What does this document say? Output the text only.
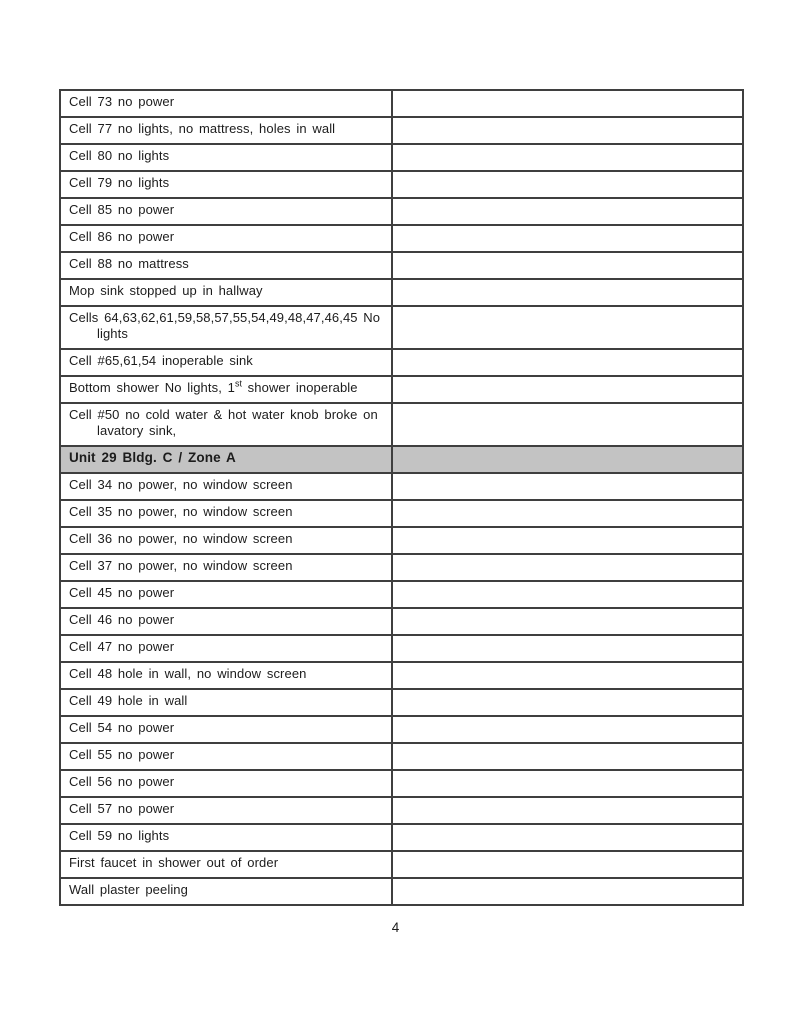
Cell 73 no power	

Cell 77 no lights, no mattress, holes in wall	

Cell 80 no lights	

Cell 79 no lights	

Cell 85 no power	

Cell 86 no power	

Cell 88 no mattress	

Mop sink stopped up in hallway	

Cells 64,63,62,61,59,58,57,55,54,49,48,47,46,45 No
lights	

Cell #65,61,54 inoperable sink	

Bottom shower No lights, 1st shower inoperable	

Cell #50 no cold water & hot water knob broke on
lavatory sink,	

Unit 29 Bldg. C / Zone A	

Cell 34 no power, no window screen	

Cell 35 no power, no window screen	

Cell 36 no power, no window screen	

Cell 37 no power, no window screen	

Cell 45 no power	

Cell 46 no power	

Cell 47 no power	

Cell 48 hole in wall, no window screen	

Cell 49 hole in wall	

Cell 54 no power	

Cell 55 no power	

Cell 56 no power	

Cell 57 no power	

Cell 59 no lights	

First faucet in shower out of order	

Wall plaster peeling	

4
